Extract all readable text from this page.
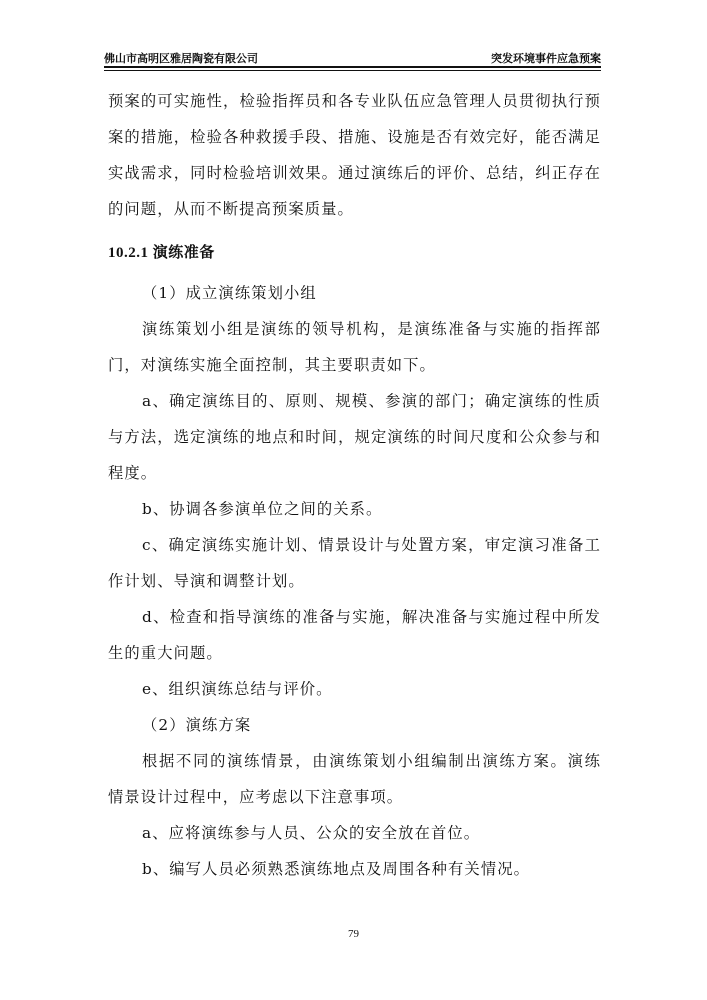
佛山市高明区雅居陶瓷有限公司	突发环境事件应急预案

预案的可实施性，检验指挥员和各专业队伍应急管理人员贯彻执行预案的措施，检验各种救援手段、措施、设施是否有效完好，能否满足实战需求，同时检验培训效果。通过演练后的评价、总结，纠正存在的问题，从而不断提高预案质量。

10.2.1 演练准备

（1）成立演练策划小组

演练策划小组是演练的领导机构，是演练准备与实施的指挥部门，对演练实施全面控制，其主要职责如下。

a、确定演练目的、原则、规模、参演的部门；确定演练的性质与方法，选定演练的地点和时间，规定演练的时间尺度和公众参与和程度。

b、协调各参演单位之间的关系。

c、确定演练实施计划、情景设计与处置方案，审定演习准备工作计划、导演和调整计划。

d、检查和指导演练的准备与实施，解决准备与实施过程中所发生的重大问题。

e、组织演练总结与评价。

（2）演练方案

根据不同的演练情景，由演练策划小组编制出演练方案。演练情景设计过程中，应考虑以下注意事项。

a、应将演练参与人员、公众的安全放在首位。

b、编写人员必须熟悉演练地点及周围各种有关情况。

79
